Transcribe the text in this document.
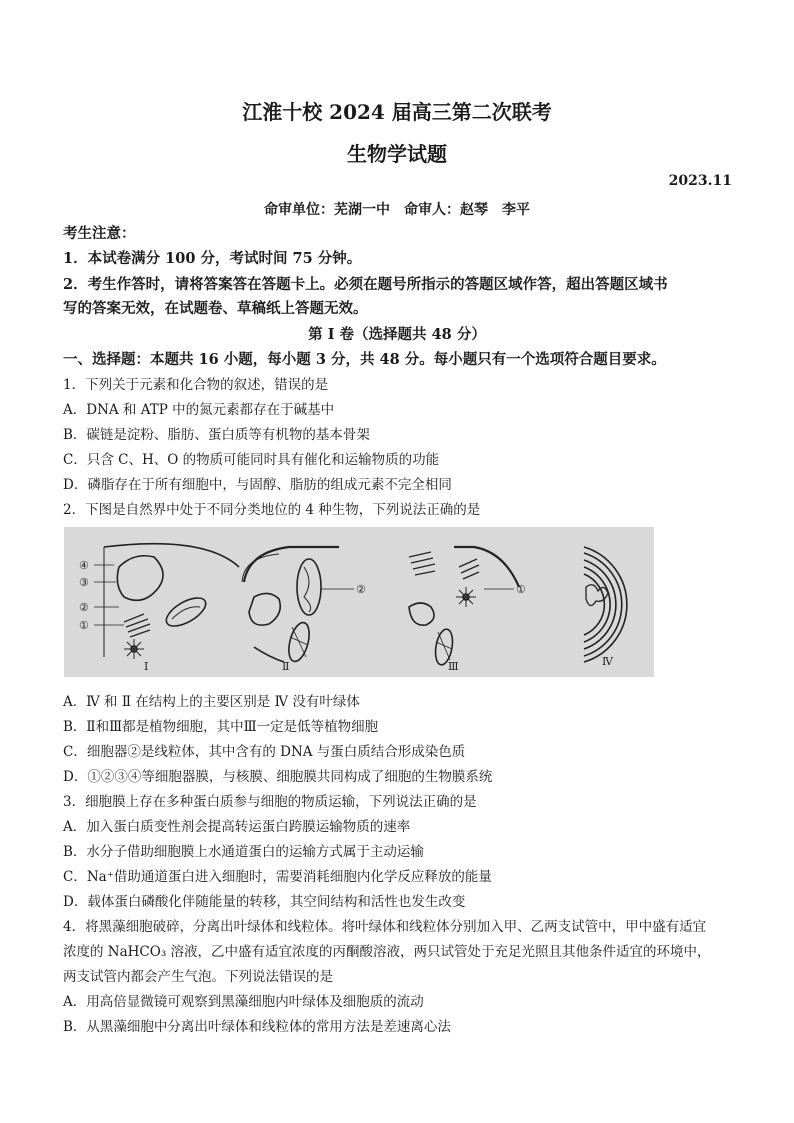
江淮十校 2024 届高三第二次联考
生物学试题
2023.11
命审单位：芜湖一中　命审人：赵琴　李平
考生注意：
1．本试卷满分 100 分，考试时间 75 分钟。
2．考生作答时，请将答案答在答题卡上。必须在题号所指示的答题区域作答，超出答题区域书
写的答案无效，在试题卷、草稿纸上答题无效。
第 I 卷（选择题共 48 分）
一、选择题：本题共 16 小题，每小题 3 分，共 48 分。每小题只有一个选项符合题目要求。
1．下列关于元素和化合物的叙述，错误的是
A．DNA 和 ATP 中的氮元素都存在于碱基中
B．碳链是淀粉、脂肪、蛋白质等有机物的基本骨架
C．只含 C、H、O 的物质可能同时具有催化和运输物质的功能
D．磷脂存在于所有细胞中，与固醇、脂肪的组成元素不完全相同
2．下图是自然界中处于不同分类地位的 4 种生物，下列说法正确的是
④
③
②
①
②	①
Ⅰ	Ⅱ	Ⅲ	Ⅳ
A．Ⅳ 和 Ⅱ 在结构上的主要区别是 Ⅳ 没有叶绿体
B．Ⅱ和Ⅲ都是植物细胞，其中Ⅲ一定是低等植物细胞
C．细胞器②是线粒体，其中含有的 DNA 与蛋白质结合形成染色质
D．①②③④等细胞器膜，与核膜、细胞膜共同构成了细胞的生物膜系统
3．细胞膜上存在多种蛋白质参与细胞的物质运输，下列说法正确的是
A．加入蛋白质变性剂会提高转运蛋白跨膜运输物质的速率
B．水分子借助细胞膜上水通道蛋白的运输方式属于主动运输
C．Na⁺借助通道蛋白进入细胞时，需要消耗细胞内化学反应释放的能量
D．载体蛋白磷酸化伴随能量的转移，其空间结构和活性也发生改变
4．将黑藻细胞破碎，分离出叶绿体和线粒体。将叶绿体和线粒体分别加入甲、乙两支试管中，甲中盛有适宜
浓度的 NaHCO₃ 溶液，乙中盛有适宜浓度的丙酮酸溶液，两只试管处于充足光照且其他条件适宜的环境中，
两支试管内都会产生气泡。下列说法错误的是
A．用高倍显微镜可观察到黑藻细胞内叶绿体及细胞质的流动
B．从黑藻细胞中分离出叶绿体和线粒体的常用方法是差速离心法
